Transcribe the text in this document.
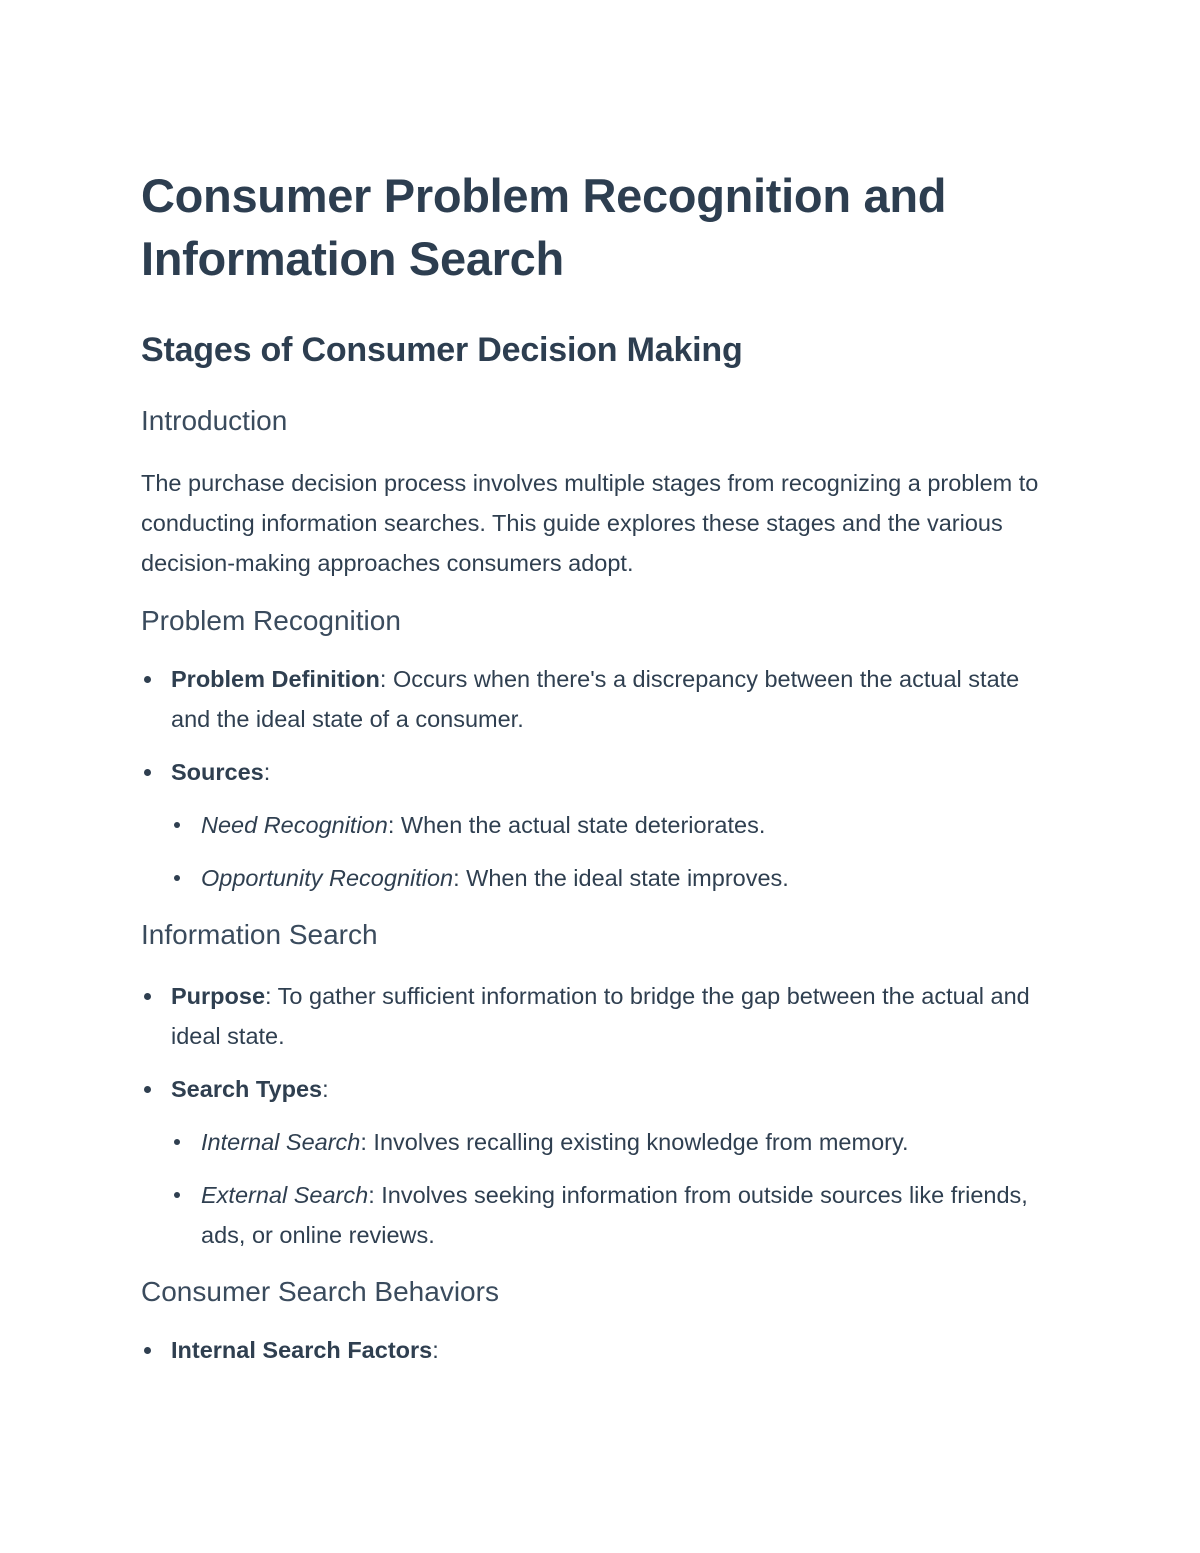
Consumer Problem Recognition and Information Search
Stages of Consumer Decision Making
Introduction

The purchase decision process involves multiple stages from recognizing a problem to conducting information searches. This guide explores these stages and the various decision-making approaches consumers adopt.

Problem Recognition
Problem Definition: Occurs when there's a discrepancy between the actual state and the ideal state of a consumer.
Sources:
Need Recognition: When the actual state deteriorates.
Opportunity Recognition: When the ideal state improves.
Information Search
Purpose: To gather sufficient information to bridge the gap between the actual and ideal state.
Search Types:
Internal Search: Involves recalling existing knowledge from memory.
External Search: Involves seeking information from outside sources like friends, ads, or online reviews.
Consumer Search Behaviors
Internal Search Factors:
